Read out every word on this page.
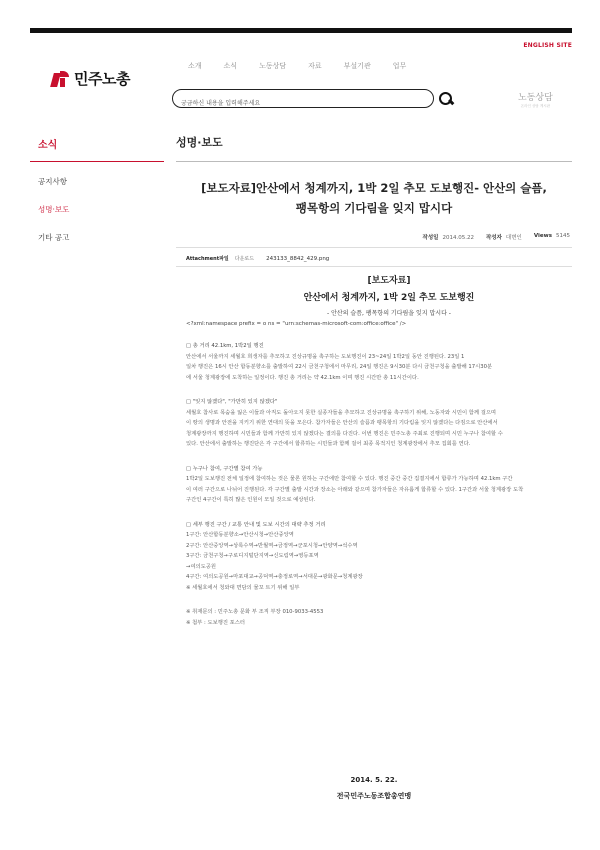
ENGLISH SITE
민주노총
소개	소식	노동상담	자료	부설기관	업무
궁금하신 내용을 입력해주세요
노동상담
온라인 상담 게시판
소식
공지사항
성명·보도
기타 공고
성명·보도
[보도자료]안산에서 청계까지, 1박 2일 추모 도보행진- 안산의 슬픔,
팽목항의 기다림을 잊지 맙시다
작성일 2014.05.22 작성자 대변인 Views 5145
Attachment파일 다운로드 243133_8842_429.png
[보도자료]
안산에서 청계까지, 1박 2일 추모 도보행진
- 안산의 슬픔, 팽목항의 기다림을 잊지 맙시다 -
<?xml:namespace prefix = o ns = "urn:schemas-microsoft-com:office:office" />

□ 총 거리 42.1km, 1박2일 행진

안산에서 서울까지 세월호 희생자를 추모하고 진상규명을 촉구하는 도보행진이 23~24일 1박2일 동안 진행된다. 23일 1

일차 행진은 16시 안산 합동분향소를 출발하여 22시 금천구청에서 마무리, 24일 행진은 9시30분 다시 금천구청을 출발해 17시30분

에 서울 청계광장에 도착하는 일정이다. 행진 총 거리는 약 42.1km 이며 행진 시간만 총 11시간이다.

□ "잊지 않겠다", "가만히 있지 않겠다"

세월호 참사로 목숨을 잃은 이들과 아직도 돌아오지 못한 실종자들을 추모하고 진상규명을 촉구하기 위해, 노동자와 시민이 함께 걸으며

이 땅의 생명과 안전을 지키기 위한 연대의 뜻을 모은다. 참가자들은 안산의 슬픔과 팽목항의 기다림을 잊지 않겠다는 다짐으로 안산에서

청계광장까지 행진하며 시민들과 함께 가만히 있지 않겠다는 결의를 다진다. 이번 행진은 민주노총 주최로 진행되며 시민 누구나 참여할 수

있다. 안산에서 출발하는 행진단은 각 구간에서 합류하는 시민들과 함께 걸어 최종 목적지인 청계광장에서 추모 집회를 연다.

□ 누구나 참여, 구간별 참여 가능

1박2일 도보행진 전체 일정에 참여하는 것은 물론 원하는 구간에만 참여할 수 있다. 행진 중간 중간 집결지에서 합류가 가능하며 42.1km 구간

이 여러 구간으로 나뉘어 진행된다. 각 구간별 출발 시간과 장소는 아래와 같으며 참가자들은 자유롭게 합류할 수 있다. 1구간과 서울 청계광장 도착

구간인 4구간이 특히 많은 인원이 모일 것으로 예상된다.

□ 세부 행진 구간 / 교통 안내 및 도보 시간의 대략 추정 거리

1구간: 안산합동분향소→안산시청→안산중앙역

2구간: 안산중앙역→상록수역→반월역→금정역→군포시청→안양역→석수역

3구간: 금천구청→구로디지털단지역→신도림역→영등포역

→여의도공원

4구간: 여의도공원→마포대교→공덕역→충정로역→서대문→광화문→청계광장

※ 세월호에서 청와대 면담의 물꼬 트기 위해 일부

※ 취재문의 : 민주노총 문화 부 조직 부장 010-9033-4553

※ 첨부 : 도보행진 포스터

2014. 5. 22.
전국민주노동조합총연맹
